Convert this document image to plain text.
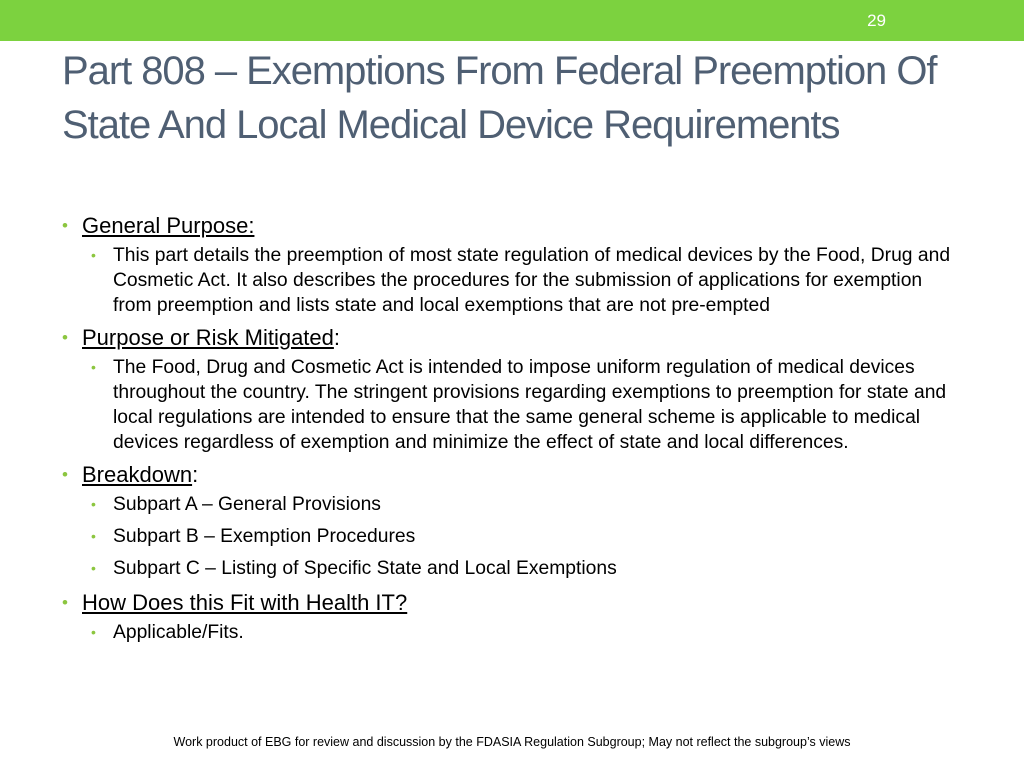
29
Part 808 – Exemptions From Federal Preemption Of State And Local Medical Device Requirements
• General Purpose:
• This part details the preemption of most state regulation of medical devices by the Food, Drug and Cosmetic Act. It also describes the procedures for the submission of applications for exemption from preemption and lists state and local exemptions that are not pre-empted
• Purpose or Risk Mitigated:
• The Food, Drug and Cosmetic Act is intended to impose uniform regulation of medical devices throughout the country. The stringent provisions regarding exemptions to preemption for state and local regulations are intended to ensure that the same general scheme is applicable to medical devices regardless of exemption and minimize the effect of state and local differences.
• Breakdown:
• Subpart A – General Provisions
• Subpart B – Exemption Procedures
• Subpart C – Listing of Specific State and Local Exemptions
• How Does this Fit with Health IT?
• Applicable/Fits.
Work product of EBG for review and discussion by the FDASIA Regulation Subgroup; May not reflect the subgroup’s views
